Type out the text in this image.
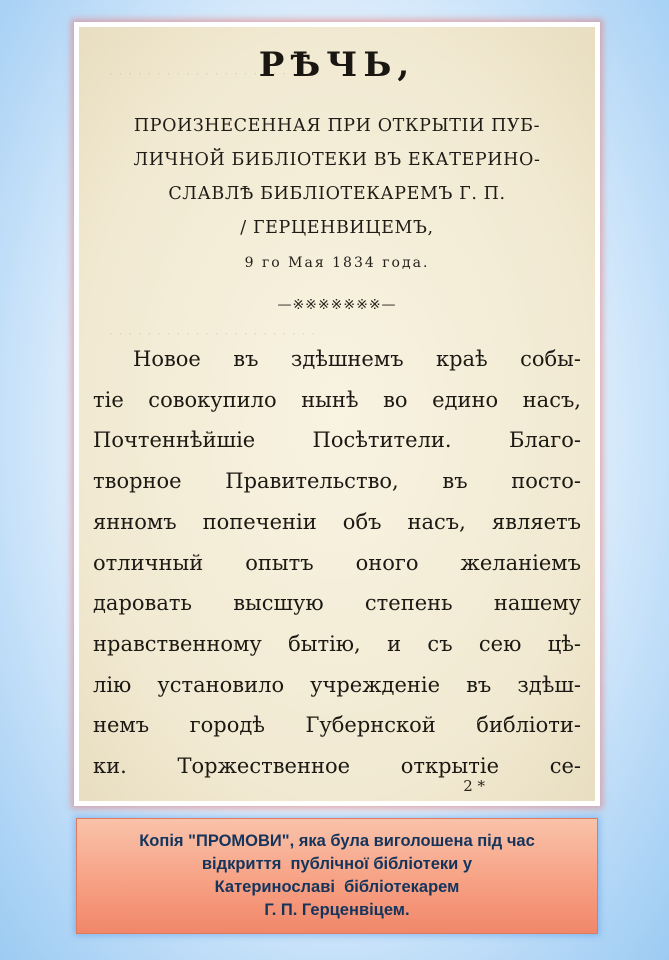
· · · · · · · · · · · · · · · · · · · · · ·
· · · · · · · · · · · · · · · · · · · · · ·
РѢЧЬ,
ПРОИЗНЕСЕННАЯ ПРИ ОТКРЫТІИ ПУБ-
ЛИЧНОЙ БИБЛІОТЕКИ ВЪ ЕКАТЕРИНО-
СЛАВЛѢ БИБЛІОТЕКАРЕМЪ Г. П.
/ ГЕРЦЕНВИЦЕМЪ,
9 го Мая 1834 года.
—※※※※※※※—
Новое въ здѣшнемъ краѣ собы-
тіе совокупило нынѣ во едино насъ,
Почтеннѣйшіе Посѣтители. Благо-
творное Правительство, въ посто-
янномъ попеченіи объ насъ, являетъ
отличный опытъ оного желаніемъ
даровать высшую степень нашему
нравственному бытію, и съ сею цѣ-
лію установило учрежденіе въ здѣш-
немъ городѣ Губернской библіоти-
ки. Торжественное открытіе се-
2 *
Копія "ПРОМОВИ", яка була виголошена під час
відкриття  публічної бібліотеки у
Катеринославі  бібліотекарем
Г. П. Герценвіцем.
